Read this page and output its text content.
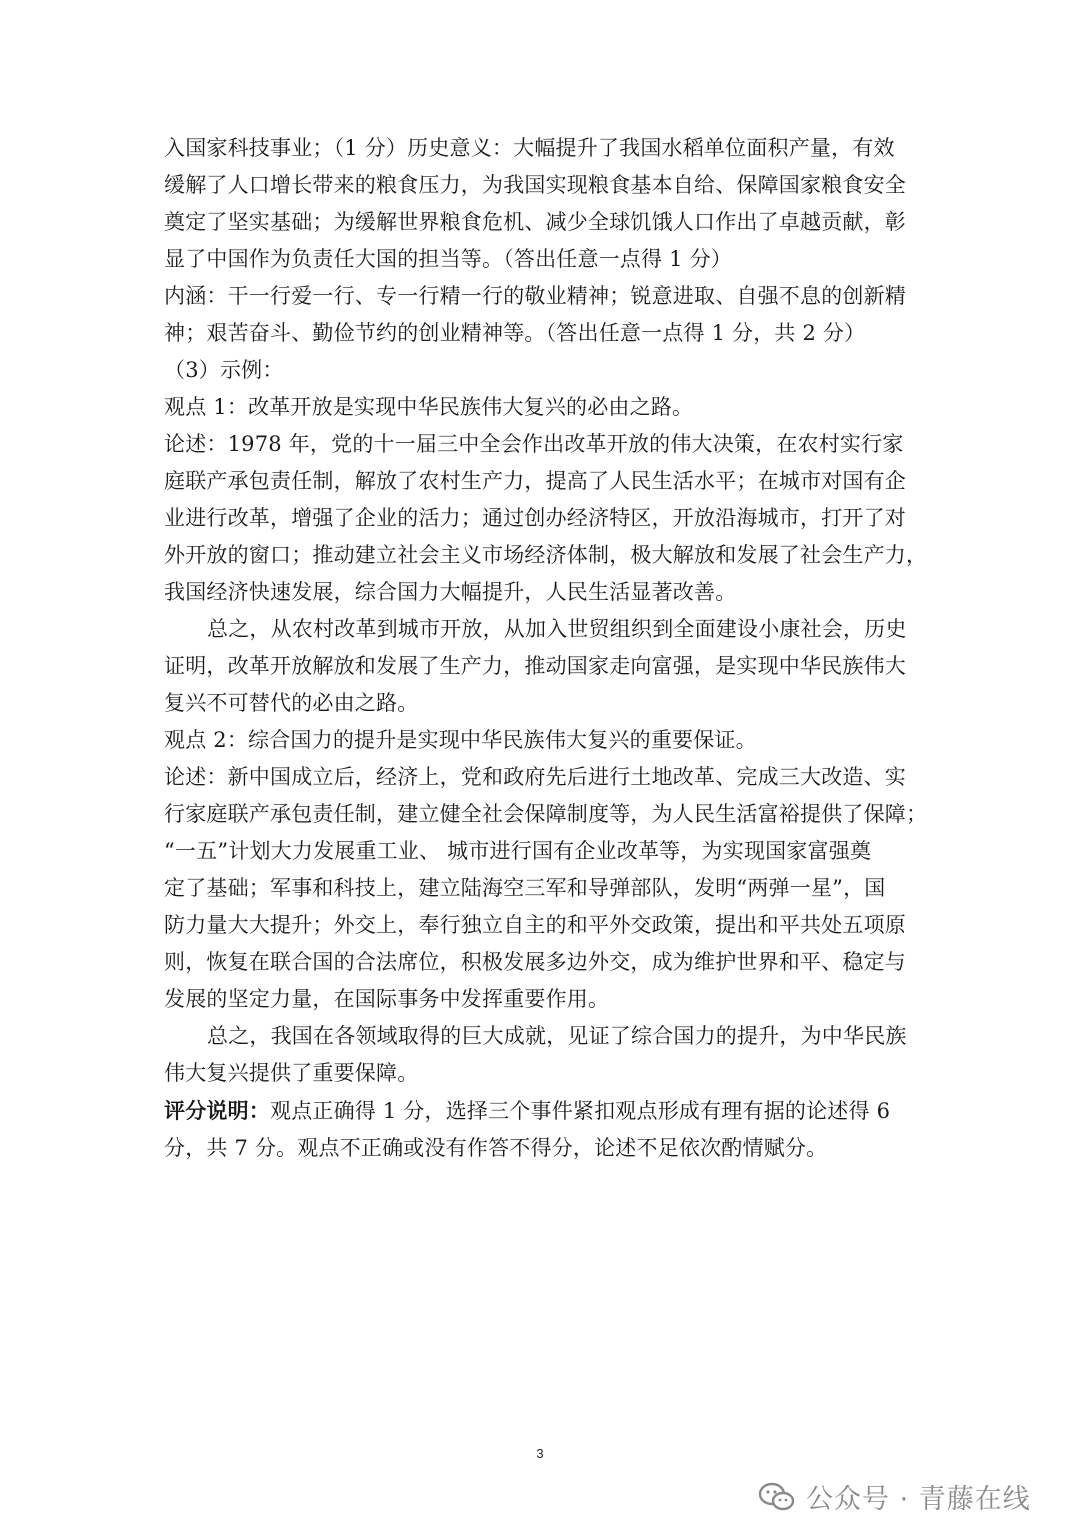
入国家科技事业；（1 分）历史意义：大幅提升了我国水稻单位面积产量，有效

缓解了人口增长带来的粮食压力，为我国实现粮食基本自给、保障国家粮食安全

奠定了坚实基础；为缓解世界粮食危机、减少全球饥饿人口作出了卓越贡献，彰

显了中国作为负责任大国的担当等。（答出任意一点得 1 分）

内涵：干一行爱一行、专一行精一行的敬业精神；锐意进取、自强不息的创新精

神；艰苦奋斗、勤俭节约的创业精神等。（答出任意一点得 1 分，共 2 分）

（3）示例：

观点 1：改革开放是实现中华民族伟大复兴的必由之路。

论述：1978 年，党的十一届三中全会作出改革开放的伟大决策，在农村实行家

庭联产承包责任制，解放了农村生产力，提高了人民生活水平；在城市对国有企

业进行改革，增强了企业的活力；通过创办经济特区，开放沿海城市，打开了对

外开放的窗口；推动建立社会主义市场经济体制，极大解放和发展了社会生产力，

我国经济快速发展，综合国力大幅提升，人民生活显著改善。

总之，从农村改革到城市开放，从加入世贸组织到全面建设小康社会，历史

证明，改革开放解放和发展了生产力，推动国家走向富强，是实现中华民族伟大

复兴不可替代的必由之路。

观点 2：综合国力的提升是实现中华民族伟大复兴的重要保证。

论述：新中国成立后，经济上，党和政府先后进行土地改革、完成三大改造、实

行家庭联产承包责任制，建立健全社会保障制度等，为人民生活富裕提供了保障；

“一五”计划大力发展重工业、 城市进行国有企业改革等，为实现国家富强奠

定了基础；军事和科技上，建立陆海空三军和导弹部队，发明“两弹一星”，国

防力量大大提升；外交上，奉行独立自主的和平外交政策，提出和平共处五项原

则，恢复在联合国的合法席位，积极发展多边外交，成为维护世界和平、稳定与

发展的坚定力量，在国际事务中发挥重要作用。

总之，我国在各领域取得的巨大成就，见证了综合国力的提升，为中华民族

伟大复兴提供了重要保障。

评分说明：观点正确得 1 分，选择三个事件紧扣观点形成有理有据的论述得 6

分，共 7 分。观点不正确或没有作答不得分，论述不足依次酌情赋分。

3
公众号 · 青藤在线
